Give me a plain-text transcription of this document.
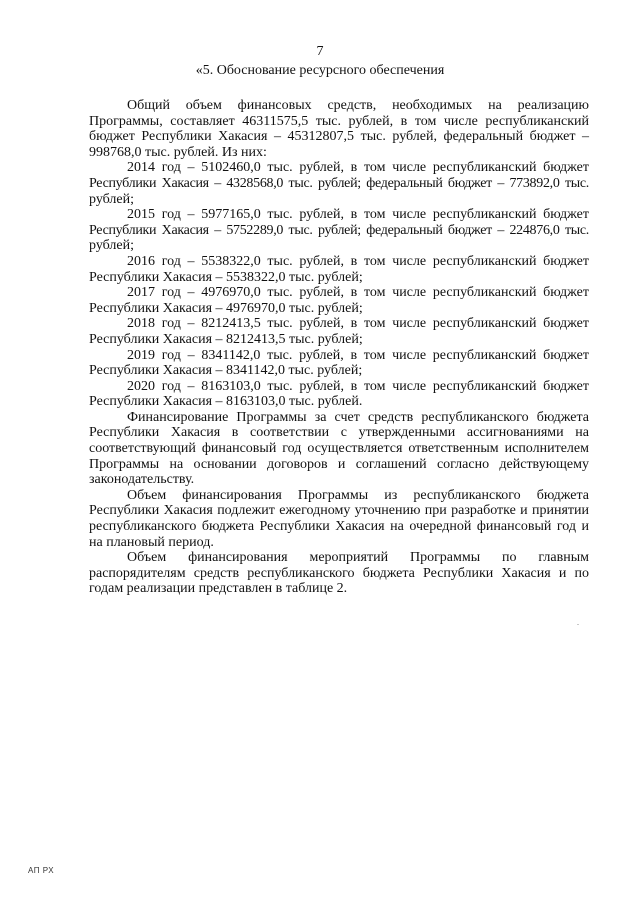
7
«5. Обоснование ресурсного обеспечения
Общий объем финансовых средств, необходимых на реализацию
Программы, составляет 46311575,5 тыс. рублей, в том числе республиканский
бюджет Республики Хакасия – 45312807,5 тыс. рублей, федеральный бюджет –
998768,0 тыс. рублей. Из них:
2014 год – 5102460,0 тыс. рублей, в том числе республиканский бюджет
Республики Хакасия – 4328568,0 тыс. рублей; федеральный бюджет – 773892,0 тыс.
рублей;
2015 год – 5977165,0 тыс. рублей, в том числе республиканский бюджет
Республики Хакасия – 5752289,0 тыс. рублей; федеральный бюджет – 224876,0 тыс.
рублей;
2016 год – 5538322,0 тыс. рублей, в том числе республиканский бюджет
Республики Хакасия – 5538322,0 тыс. рублей;
2017 год – 4976970,0 тыс. рублей, в том числе республиканский бюджет
Республики Хакасия – 4976970,0 тыс. рублей;
2018 год – 8212413,5 тыс. рублей, в том числе республиканский бюджет
Республики Хакасия – 8212413,5 тыс. рублей;
2019 год – 8341142,0 тыс. рублей, в том числе республиканский бюджет
Республики Хакасия – 8341142,0 тыс. рублей;
2020 год – 8163103,0 тыс. рублей, в том числе республиканский бюджет
Республики Хакасия – 8163103,0 тыс. рублей.
Финансирование Программы за счет средств республиканского бюджета
Республики Хакасия в соответствии с утвержденными ассигнованиями на
соответствующий финансовый год осуществляется ответственным исполнителем
Программы на основании договоров и соглашений согласно действующему
законодательству.
Объем финансирования Программы из республиканского бюджета
Республики Хакасия подлежит ежегодному уточнению при разработке и принятии
республиканского бюджета Республики Хакасия на очередной финансовый год и
на плановый период.
Объем финансирования мероприятий Программы по главным
распорядителям средств республиканского бюджета Республики Хакасия и по
годам реализации представлен в таблице 2.
АП РХ
